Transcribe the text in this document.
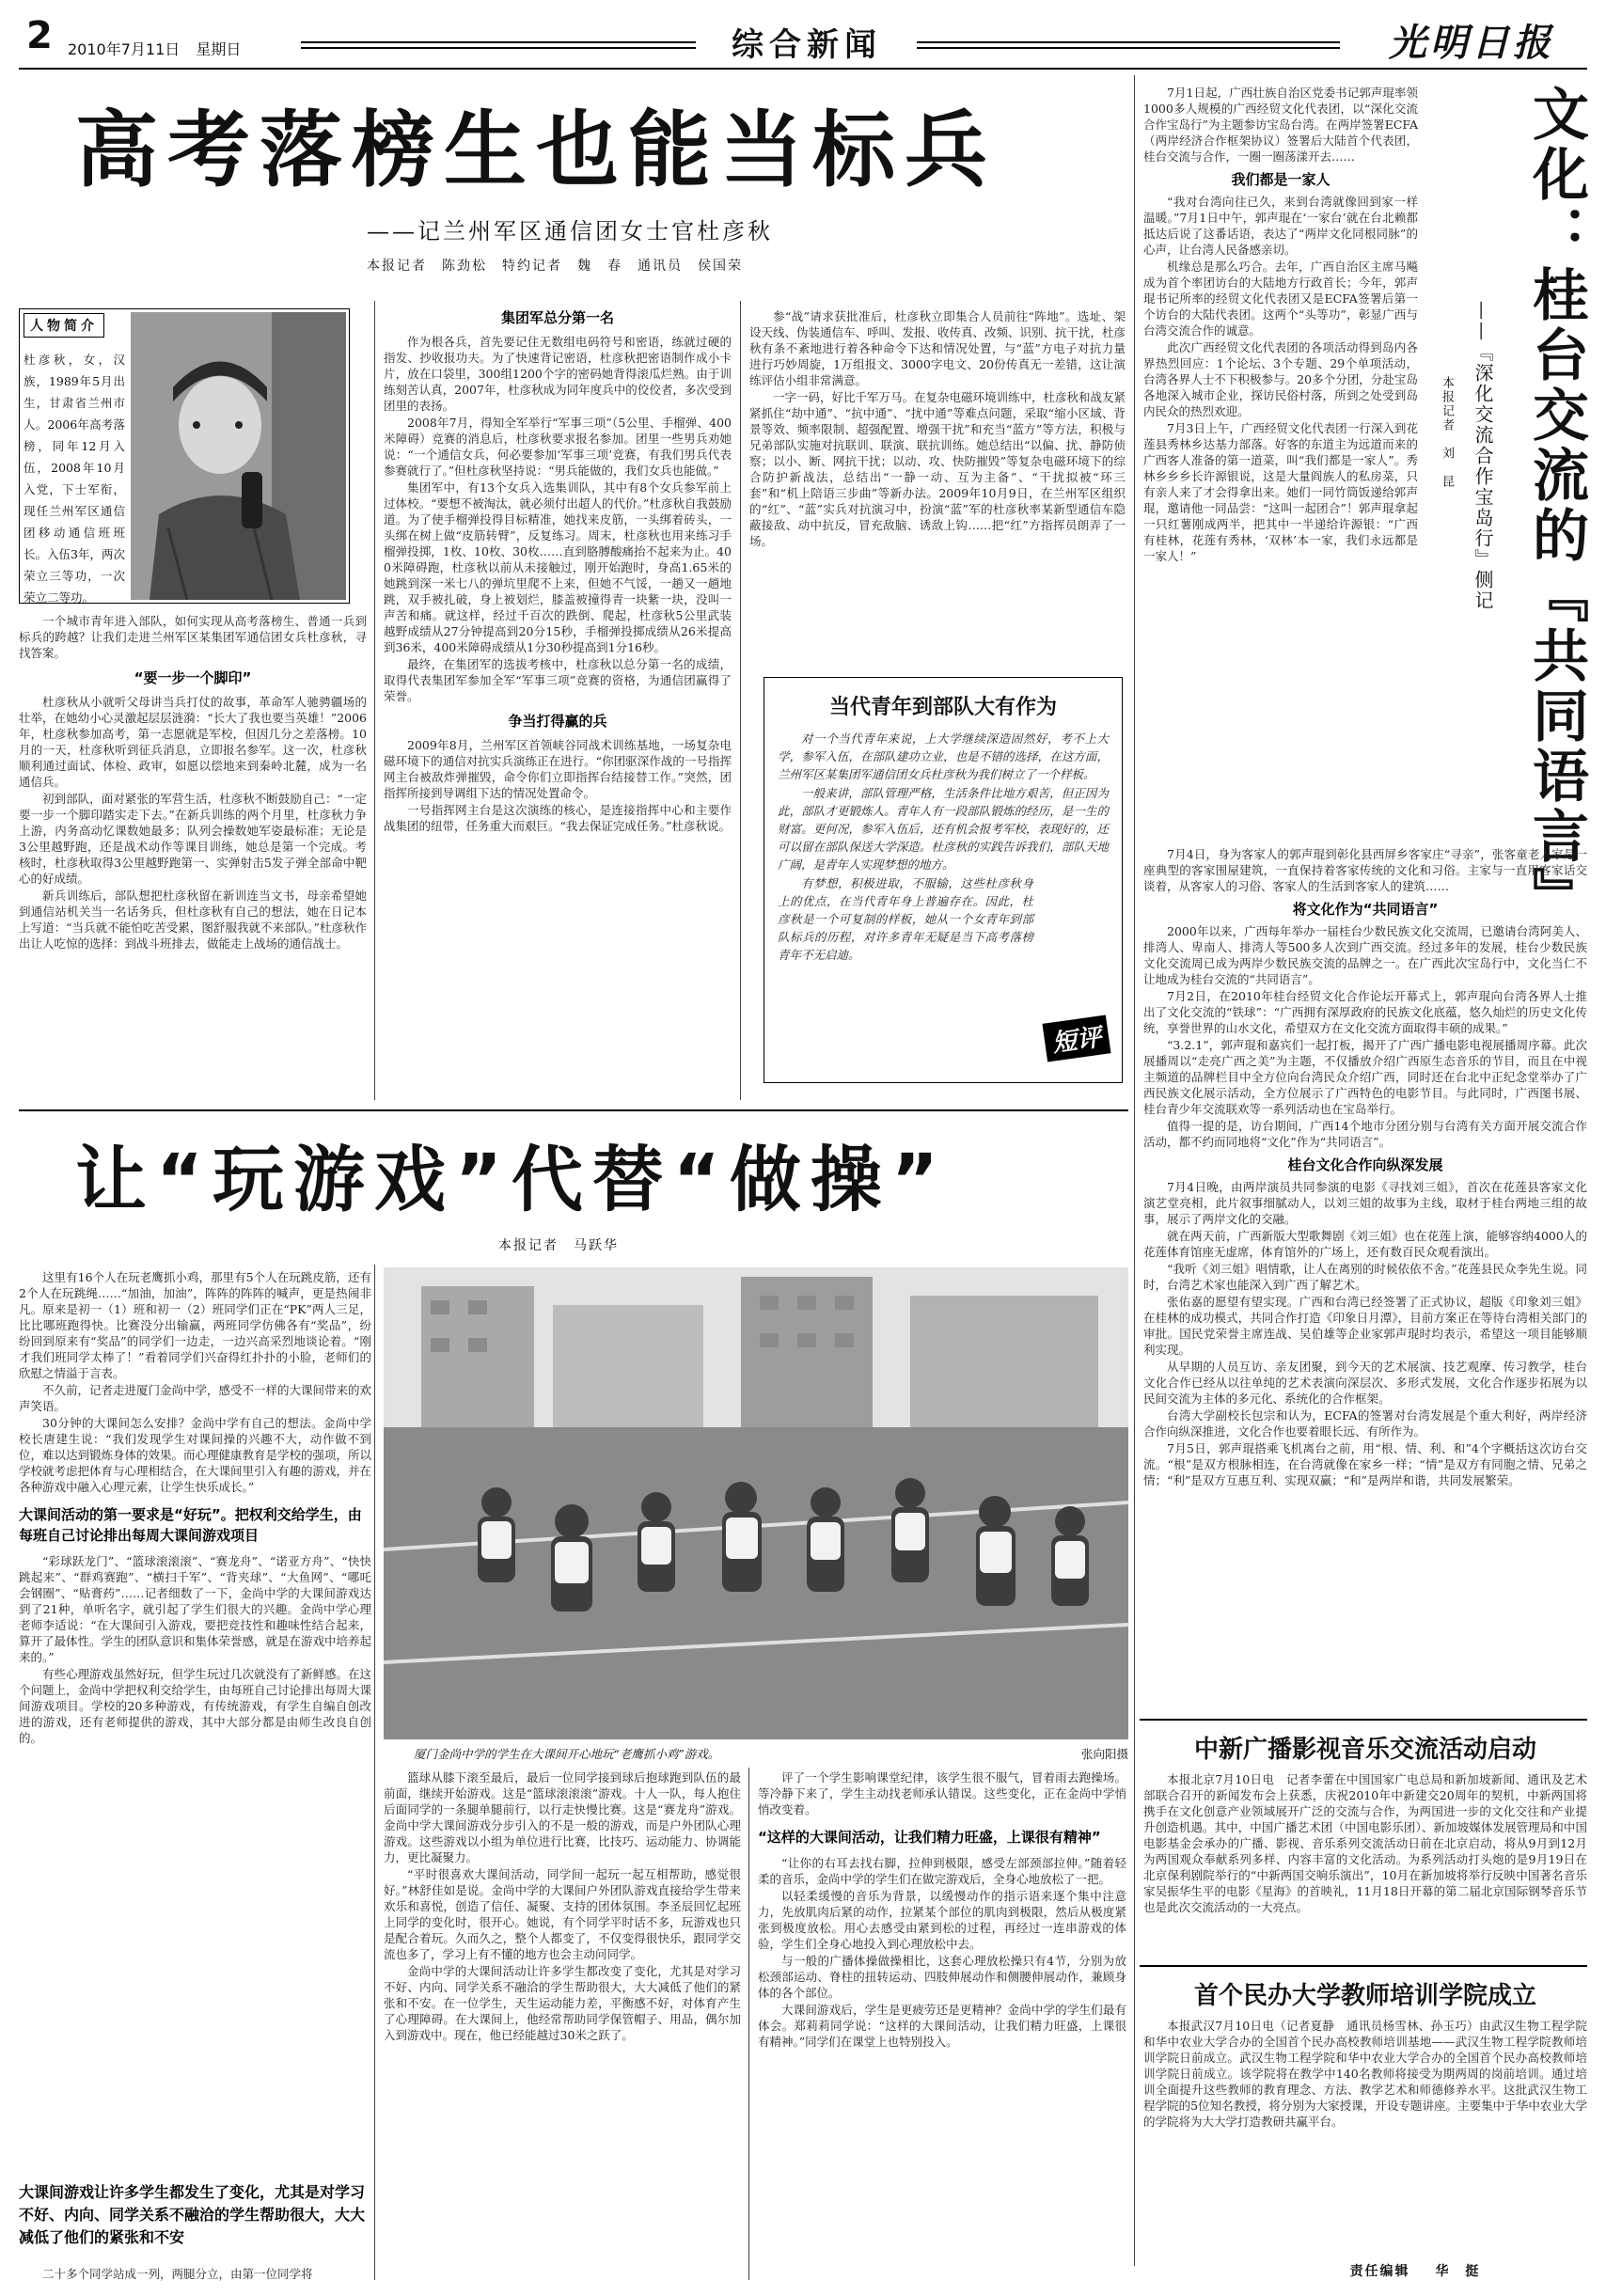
2 2010年7月11日 星期日	综合新闻	光明日报
高考落榜生也能当标兵
——记兰州军区通信团女士官杜彦秋
本报记者　陈劲松　特约记者　魏　春　通讯员　侯国荣
人物简介
杜彦秋，女，汉族，1989年5月出生，甘肃省兰州市人。2006年高考落榜，同年12月入伍，2008年10月入党，下士军衔，现任兰州军区通信团移动通信班班长。入伍3年，两次荣立三等功，一次荣立二等功。

一个城市青年进入部队，如何实现从高考落榜生、普通一兵到标兵的跨越？让我们走进兰州军区某集团军通信团女兵杜彦秋，寻找答案。

“要一步一个脚印”

杜彦秋从小就听父母讲当兵打仗的故事，革命军人驰骋疆场的壮举，在她幼小心灵激起层层涟漪：“长大了我也要当英雄！”2006年，杜彦秋参加高考，第一志愿就是军校，但因几分之差落榜。10月的一天，杜彦秋听到征兵消息，立即报名参军。这一次，杜彦秋顺利通过面试、体检、政审，如愿以偿地来到秦岭北麓，成为一名通信兵。

初到部队，面对紧张的军营生活，杜彦秋不断鼓励自己：“一定要一步一个脚印踏实走下去。”在新兵训练的两个月里，杜彦秋力争上游，内务高动忆课数她最多；队列会操数她军姿最标准；无论是3公里越野跑，还是战术动作等课目训练，她总是第一个完成。考核时，杜彦秋取得3公里越野跑第一、实弹射击5发子弹全部命中靶心的好成绩。

新兵训练后，部队想把杜彦秋留在新训连当文书，母亲希望她到通信站机关当一名话务兵，但杜彦秋有自己的想法，她在日记本上写道：“当兵就不能怕吃苦受累，图舒服我就不来部队。”杜彦秋作出让人吃惊的选择：到战斗班排去，做能走上战场的通信战士。

集团军总分第一名

作为根各兵，首先要记住无数组电码符号和密语，练就过硬的指发、抄收报功夫。为了快速背记密语，杜彦秋把密语制作成小卡片，放在口袋里，300组1200个字的密码她背得滚瓜烂熟。由于训练刻苦认真，2007年，杜彦秋成为同年度兵中的佼佼者，多次受到团里的表扬。

2008年7月，得知全军举行“军事三项”（5公里、手榴弹、400米障碍）竞赛的消息后，杜彦秋要求报名参加。团里一些男兵劝她说：“一个通信女兵，何必要参加‘军事三项’竞赛，有我们男兵代表参赛就行了。”但杜彦秋坚持说：“男兵能做的，我们女兵也能做。”

集团军中，有13个女兵入选集训队，其中有8个女兵参军前上过体校。“要想不被淘汰，就必须付出超人的代价。”杜彦秋自我鼓励道。为了使手榴弹投得目标精准，她找来皮筋，一头绑着砖头，一头绑在树上做“皮筋转臂”，反复练习。周末，杜彦秋也用来练习手榴弹投掷，1枚、10枚、30枚……直到胳膊酸痛抬不起来为止。400米障碍跑，杜彦秋以前从未接触过，刚开始跑时，身高1.65米的她跳到深一米七八的弹坑里爬不上来，但她不气馁，一趟又一趟地跳，双手被扎破，身上被划烂，膝盖被撞得青一块紫一块，没叫一声苦和痛。就这样，经过千百次的跌倒、爬起，杜彦秋5公里武装越野成绩从27分钟提高到20分15秒，手榴弹投掷成绩从26米提高到36米，400米障碍成绩从1分30秒提高到1分16秒。

最终，在集团军的选拔考核中，杜彦秋以总分第一名的成绩，取得代表集团军参加全军“军事三项”竞赛的资格，为通信团赢得了荣誉。

争当打得赢的兵

2009年8月，兰州军区首领峡谷同战术训练基地，一场复杂电磁环境下的通信对抗实兵演练正在进行。“你团驱深作战的一号指挥网主台被敌炸弹摧毁，命令你们立即指挥台结接替工作。”突然，团指挥所接到导调组下达的情况处置命令。

一号指挥网主台是这次演练的核心，是连接指挥中心和主要作战集团的纽带，任务重大而艰巨。“我去保证完成任务。”杜彦秋说。

参“战”请求获批准后，杜彦秋立即集合人员前往“阵地”。选址、架设天线、伪装通信车、呼叫、发报、收传真、改频、识别、抗干扰，杜彦秋有条不紊地进行着各种命令下达和情况处置，与“蓝”方电子对抗力量进行巧妙周旋，1万组报文、3000字电文、20份传真无一差错，这让演练评估小组非常满意。

一字一码，好比千军万马。在复杂电磁环境训练中，杜彦秋和战友紧紧抓住“劫中通”、“抗中通”、“扰中通”等难点问题，采取“缩小区域、背景等效、频率限制、超强配置、增强干扰”和充当“蓝方”等方法，积极与兄弟部队实施对抗联训、联演、联抗训练。她总结出“以偏、扰、静防侦察；以小、断、网抗干扰；以动、攻、快防摧毁”等复杂电磁环境下的综合防护新战法，总结出“一静一动、互为主备”、“干扰拟被“环三套”和“机上陪语三步曲”等新办法。2009年10月9日，在兰州军区组织的“红”、“蓝”实兵对抗演习中，扮演“蓝”军的杜彦秋率某新型通信车隐蔽接敌、动中抗反，冒充敌脑、诱敌上钩……把“红”方指挥员朗弄了一场。

当代青年到部队大有作为

对一个当代青年来说，上大学继续深造固然好，考不上大学，参军入伍，在部队建功立业，也是不错的选择，在这方面，兰州军区某集团军通信团女兵杜彦秋为我们树立了一个样板。

一般来讲，部队管理严格，生活条件比地方艰苦，但正因为此，部队才更锻炼人。青年人有一段部队锻炼的经历，是一生的财富。更何况，参军入伍后，还有机会报考军校，表现好的，还可以留在部队保送大学深造。杜彦秋的实践告诉我们，部队天地广阔，是青年人实现梦想的地方。

有梦想，积极进取，不服输，这些杜彦秋身上的优点，在当代青年身上普遍存在。因此，杜彦秋是一个可复制的样板，她从一个女青年到部队标兵的历程，对许多青年无疑是当下高考落榜青年不无启迪。

短评
让“玩游戏”代替“做操”
本报记者　马跃华
厦门金尚中学的学生在大课间开心地玩“老鹰抓小鸡”游戏。	张向阳摄

这里有16个人在玩老鹰抓小鸡，那里有5个人在玩跳皮筋，还有2个人在玩跳绳……“加油，加油”，阵阵的阵阵的喊声，更是热闹非凡。原来是初一（1）班和初一（2）班同学们正在“PK”两人三足，比比哪班跑得快。比赛没分出输赢，两班同学仿佛各有“奖品”，纷纷回到原来有“奖品”的同学们一边走，一边兴高采烈地谈论着。“刚才我们班同学太棒了！”看着同学们兴奋得红扑扑的小脸，老师们的欣慰之情溢于言表。

不久前，记者走进厦门金尚中学，感受不一样的大课间带来的欢声笑语。

30分钟的大课间怎么安排？金尚中学有自己的想法。金尚中学校长唐建生说：“我们发现学生对课间操的兴趣不大，动作做不到位，难以达到锻炼身体的效果。而心理健康教育是学校的强项，所以学校就考虑把体育与心理相结合，在大课间里引入有趣的游戏，并在各种游戏中融入心理元素，让学生快乐成长。”

大课间活动的第一要求是“好玩”。把权利交给学生，由每班自己讨论排出每周大课间游戏项目

“彩球跃龙门”、“篮球滚滚滚”、“赛龙舟”、“诺亚方舟”、“快快跳起来”、“群鸡赛跑”、“横扫千军”、“背夹球”、“大鱼网”、“哪吒会钢圈”、“贴膏药”……记者细数了一下，金尚中学的大课间游戏达到了21种，单听名字，就引起了学生们很大的兴趣。金尚中学心理老师李适说：“在大课间引入游戏，要把竞技性和趣味性结合起来，算开了最体性。学生的团队意识和集体荣誉感，就是在游戏中培养起来的。”

有些心理游戏虽然好玩，但学生玩过几次就没有了新鲜感。在这个问题上，金尚中学把权利交给学生，由每班自己讨论排出每周大课间游戏项目。学校的20多种游戏，有传统游戏，有学生自编自创改进的游戏，还有老师提供的游戏，其中大部分都是由师生改良自创的。

大课间游戏让许多学生都发生了变化，尤其是对学习不好、内向、同学关系不融洽的学生帮助很大，大大减低了他们的紧张和不安
二十多个同学站成一列，两腿分立，由第一位同学将

篮球从膝下滚至最后，最后一位同学接到球后抱球跑到队伍的最前面，继续开始游戏。这是“篮球滚滚滚”游戏。十人一队，每人抱住后面同学的一条腿单腿前行，以行走快慢比赛。这是“赛龙舟”游戏。金尚中学大课间游戏分步引入的不是一般的游戏，而是户外团队心理游戏。这些游戏以小组为单位进行比赛，比技巧、运动能力、协调能力，更比凝聚力。

“平时很喜欢大课间活动，同学间一起玩一起互相帮助，感觉很好。”林舒佳如是说。金尚中学的大课间户外团队游戏直接给学生带来欢乐和喜悦，创造了信任、凝聚、支持的团体氛围。李圣辰回忆起班上同学的变化时，很开心。她说，有个同学平时话不多，玩游戏也只是配合着玩。久而久之，整个人都变了，不仅变得很快乐，跟同学交流也多了，学习上有不懂的地方也会主动问同学。

金尚中学的大课间活动让许多学生都改变了变化，尤其是对学习不好、内向、同学关系不融洽的学生帮助很大，大大减低了他们的紧张和不安。在一位学生，天生运动能力差，平衡感不好，对体育产生了心理障碍。在大课间上，他经常帮助同学保管帽子、用品，偶尔加入到游戏中。现在，他已经能越过30米之跃了。

评了一个学生影响课堂纪律，该学生很不服气，冒着雨去跑操场。等冷静下来了，学生主动找老师承认错误。这些变化，正在金尚中学悄悄改变着。

“这样的大课间活动，让我们精力旺盛，上课很有精神”

“让你的右耳去找右脚，拉伸到极限，感受左部颈部拉伸。”随着轻柔的音乐，金尚中学的学生们在做完游戏后，全身心地放松了一把。

以轻柔缓慢的音乐为背景，以缓慢动作的指示语来逐个集中注意力，先放肌肉后紧的动作，拉紧某个部位的肌肉到极限，然后从极度紧张到极度放松。用心去感受由紧到松的过程，再经过一连串游戏的体验，学生们全身心地投入到心理放松中去。

与一般的广播体操做操相比，这套心理放松操只有4节，分别为放松颈部运动、脊柱的扭转运动、四肢伸展动作和侧腰伸展动作，兼顾身体的各个部位。

大课间游戏后，学生是更疲劳还是更精神？金尚中学的学生们最有体会。郑莉莉同学说：“这样的大课间活动，让我们精力旺盛，上课很有精神。”同学们在课堂上也特别投入。

文化：桂台交流的『共同语言』
——『深化交流合作宝岛行』侧记
本报记者　刘　昆

7月1日起，广西壮族自治区党委书记郭声琨率领1000多人规模的广西经贸文化代表团，以“深化交流合作宝岛行”为主题参访宝岛台湾。在两岸签署ECFA（两岸经济合作框架协议）签署后大陆首个代表团，桂台交流与合作，一圈一圈荡漾开去……

我们都是一家人

“我对台湾向往已久，来到台湾就像回到家一样温暖。”7月1日中午，郭声琨在‘一家台’就在台北赖都抵达后说了这番话语，表达了“两岸文化同根同脉”的心声，让台湾人民备感亲切。

机缘总是那么巧合。去年，广西自治区主席马飚成为首个率团访台的大陆地方行政首长；今年，郭声琨书记所率的经贸文化代表团又是ECFA签署后第一个访台的大陆代表团。这两个“头等功”，彰显广西与台湾交流合作的诚意。

此次广西经贸文化代表团的各项活动得到岛内各界热烈回应：1个论坛、3个专题、29个单项活动，台湾各界人士不下积极参与。20多个分团，分赴宝岛各地深入城市企业，探访民俗村落，所到之处受到岛内民众的热烈欢迎。

7月3日上午，广西经贸文化代表团一行深入到花莲县秀林乡达基力部落。好客的东道主为远道而来的广西客人准备的第一道菜，叫“我们都是一家人”。秀林乡乡乡长许源银说，这是大量阎族人的私房菜，只有亲人来了才会得拿出来。她们一同竹筒饭递给郭声琨，邀请他一同品尝：“这叫一起团合”！郭声琨拿起一只红薯刚成两半，把其中一半递给许源银：“广西有桂林，花莲有秀林，‘双林’本一家，我们永远都是一家人！”

7月4日，身为客家人的郭声琨到彰化县西屏乡客家庄“寻亲”，张客童老人家是一座典型的客家围屋建筑，一直保持着客家传统的文化和习俗。主家与一直用客家话交谈着，从客家人的习俗、客家人的生活到客家人的建筑……

将文化作为“共同语言”

2000年以来，广西每年举办一届桂台少数民族文化交流周，已邀请台湾阿美人、排湾人、卑南人、排湾人等500多人次到广西交流。经过多年的发展，桂台少数民族文化交流周已成为两岸少数民族交流的品牌之一。在广西此次宝岛行中，文化当仁不让地成为桂台交流的“共同语言”。

7月2日，在2010年桂台经贸文化合作论坛开幕式上，郭声琨向台湾各界人士推出了文化交流的“铁球”：“广西拥有深厚政府的民族文化底蕴，悠久灿烂的历史文化传统，享誉世界的山水文化，希望双方在文化交流方面取得丰硕的成果。”

“3.2.1”，郭声琨和嘉宾们一起打板，揭开了广西广播电影电视展播周序幕。此次展播周以“走亮广西之美”为主题，不仅播放介绍广西原生态音乐的节目，而且在中视主频道的品牌栏目中全方位向台湾民众介绍广西，同时还在台北中正纪念堂举办了广西民族文化展示活动，全方位展示了广西特色的电影节目。与此同时，广西图书展、桂台青少年交流联欢等一系列活动也在宝岛举行。

值得一提的是，访台期间，广西14个地市分团分别与台湾有关方面开展交流合作活动，都不约而同地将“文化”作为“共同语言”。

桂台文化合作向纵深发展

7月4日晚，由两岸演员共同参演的电影《寻找刘三姐》，首次在花莲县客家文化演艺堂亮相，此片叙事细腻动人，以刘三姐的故事为主线，取材于桂台两地三组的故事，展示了两岸文化的交融。

就在两天前，广西新版大型歌舞剧《刘三姐》也在花莲上演，能够容纳4000人的花莲体育馆座无虚席，体育馆外的广场上，还有数百民众观看演出。

“我听《刘三姐》唱情歌，让人在离别的时候依依不舍。”花莲县民众李先生说。同时，台湾艺术家也能深入到广西了解艺术。

张佑嘉的愿望有望实现。广西和台湾已经签署了正式协议，超版《印象刘三姐》在桂林的成功模式，共同合作打造《印象日月潭》，目前方案正在等待台湾相关部门的审批。国民党荣誉主席连战、吴伯雄等企业家郭声琨时均表示，希望这一项目能够顺利实现。

从早期的人员互访、亲友团聚，到今天的艺术展演、技艺观摩、传习教学，桂台文化合作已经从以往单纯的艺术表演向深层次、多形式发展，文化合作逐步拓展为以民间交流为主体的多元化、系统化的合作框架。

台湾大学副校长包宗和认为，ECFA的签署对台湾发展是个重大利好，两岸经济合作向纵深推进，文化合作也要着眼长远、有所作为。

7月5日，郭声琨搭乘飞机离台之前，用“根、情、利、和”4个字概括这次访台交流。“根”是双方根脉相连，在台湾就像在家乡一样；“情”是双方有同胞之情、兄弟之情；“利”是双方互惠互利、实现双赢；“和”是两岸和谐，共同发展繁荣。

中新广播影视音乐交流活动启动

本报北京7月10日电　记者李蕾在中国国家广电总局和新加坡新闻、通讯及艺术部联合召开的新闻发布会上获悉，庆祝2010年中新建交20周年的契机，中新两国将携手在文化创意产业领域展开广泛的交流与合作，为两国进一步的文化交往和产业提升创造机遇。其中，中国广播艺术团（中国电影乐团）、新加坡媒体发展管理局和中国电影基金会承办的广播、影视、音乐系列交流活动日前在北京启动，将从9月到12月为两国观众奉献系列多样、内容丰富的文化活动。为系列活动打头炮的是9月19日在北京保利剧院举行的“中新两国交响乐演出”，10月在新加坡将举行反映中国著名音乐家吴振华生平的电影《星海》的首映礼，11月18日开幕的第二届北京国际钢琴音乐节也是此次交流活动的一大亮点。

首个民办大学教师培训学院成立

本报武汉7月10日电（记者夏静　通讯员杨雪林、孙玉巧）由武汉生物工程学院和华中农业大学合办的全国首个民办高校教师培训基地——武汉生物工程学院教师培训学院日前成立。武汉生物工程学院和华中农业大学合办的全国首个民办高校教师培训学院日前成立。该学院将在教学中140名教师将接受为期两周的岗前培训。通过培训全面提升这些教师的教育理念、方法、教学艺术和师德修养水平。这批武汉生物工程学院的5位知名教授，将分别为大家授课，开设专题讲座。主要集中于华中农业大学的学院将为大大学打造教研共赢平台。

责任编辑 华　挺
